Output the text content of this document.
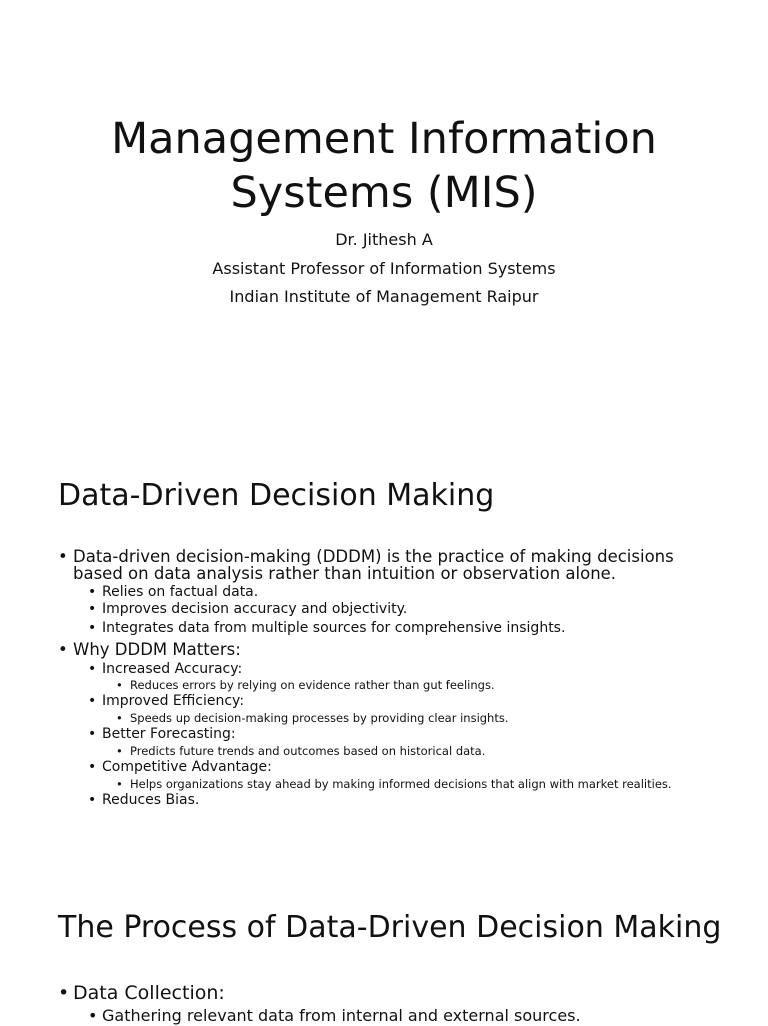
Management Information
Systems (MIS)

Dr. Jithesh A

Assistant Professor of Information Systems

Indian Institute of Management Raipur

Data-Driven Decision Making
• Data-driven decision-making (DDDM) is the practice of making decisions

based on data analysis rather than intuition or observation alone.

• Relies on factual data.

• Improves decision accuracy and objectivity.

• Integrates data from multiple sources for comprehensive insights.

• Why DDDM Matters:

• Increased Accuracy:

• Reduces errors by relying on evidence rather than gut feelings.

• Improved Efficiency:

• Speeds up decision-making processes by providing clear insights.

• Better Forecasting:

• Predicts future trends and outcomes based on historical data.

• Competitive Advantage:

• Helps organizations stay ahead by making informed decisions that align with market realities.

• Reduces Bias.

The Process of Data-Driven Decision Making
• Data Collection:

• Gathering relevant data from internal and external sources.
